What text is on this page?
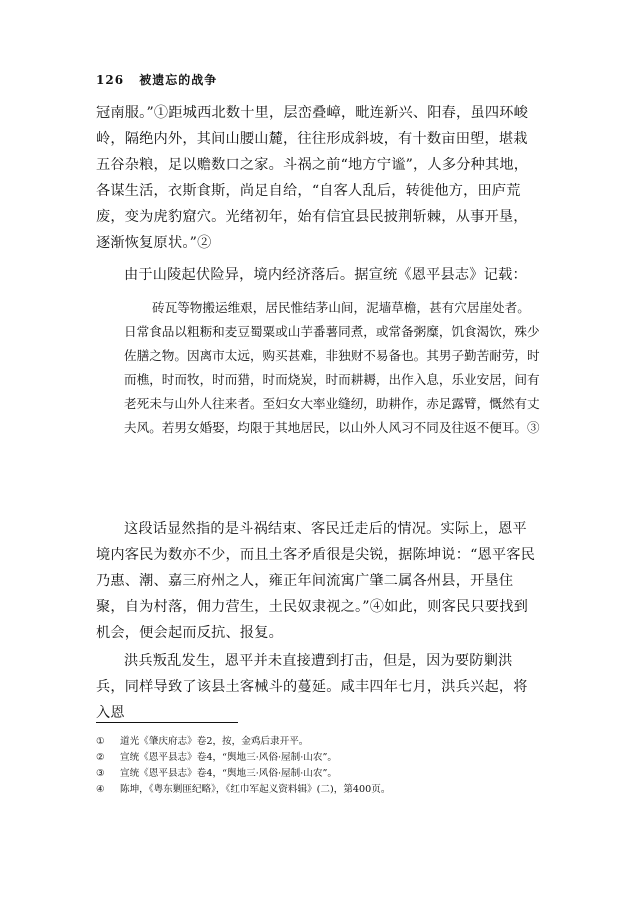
126 被遗忘的战争

冠南服。”①距城西北数十里，层峦叠嶂，毗连新兴、阳春，虽四环峻岭，隔绝内外，其间山腰山麓，往往形成斜坡，有十数亩田塱，堪栽五谷杂粮，足以赡数口之家。斗祸之前“地方宁谧”，人多分种其地，各谋生活，衣斯食斯，尚足自给，“自客人乱后，转徙他方，田庐荒废，变为虎豹窟穴。光绪初年，始有信宜县民披荆斩棘，从事开垦，逐渐恢复原状。”②

由于山陵起伏险异，境内经济落后。据宣统《恩平县志》记载：

砖瓦等物搬运维艰，居民惟结茅山间，泥墙草檐，甚有穴居崖处者。日常食品以粗粝和麦豆蜀粟或山芋番薯同煮，或常备粥糜，饥食渴饮，殊少佐膳之物。因离市太远，购买甚难，非独财不易备也。其男子勤苦耐劳，时而樵，时而牧，时而猎，时而烧炭，时而耕耨，出作入息，乐业安居，间有老死未与山外人往来者。至妇女大率业缝纫，助耕作，赤足露臂，慨然有丈夫风。若男女婚娶，均限于其地居民，以山外人风习不同及往返不便耳。③

这段话显然指的是斗祸结束、客民迁走后的情况。实际上，恩平境内客民为数亦不少，而且土客矛盾很是尖锐，据陈坤说：“恩平客民乃惠、潮、嘉三府州之人，雍正年间流寓广肇二属各州县，开垦住聚，自为村落，佣力营生，土民奴隶视之。”④如此，则客民只要找到机会，便会起而反抗、报复。

洪兵叛乱发生，恩平并未直接遭到打击，但是，因为要防剿洪兵，同样导致了该县土客械斗的蔓延。咸丰四年七月，洪兵兴起，将入恩

①	道光《肇庆府志》卷2，按，金鸡后隶开平。
②	宣统《恩平县志》卷4，“舆地三·风俗·屋制·山农”。
③	宣统《恩平县志》卷4，“舆地三·风俗·屋制·山农”。
④	陈坤，《粤东剿匪纪略》，《红巾军起义资料辑》(二)，第400页。
